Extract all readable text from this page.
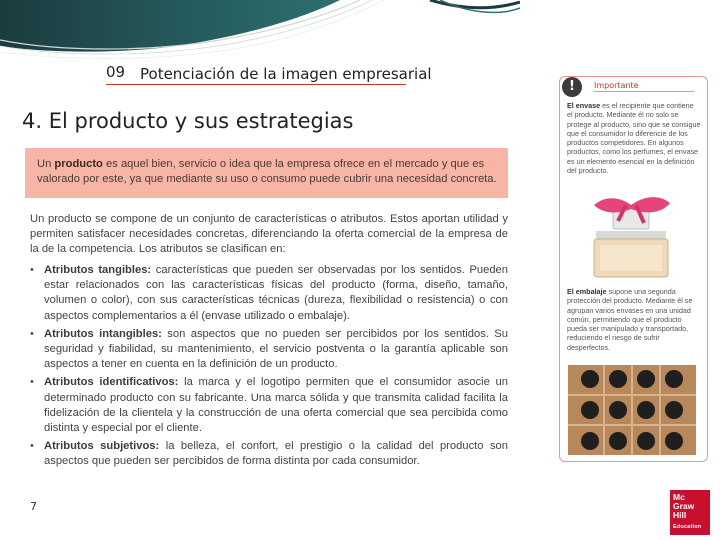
09 Potenciación de la imagen empresarial
4. El producto y sus estrategias

Un producto es aquel bien, servicio o idea que la empresa ofrece en el mercado y que es valorado por este, ya que mediante su uso o consumo puede cubrir una necesidad concreta.

Un producto se compone de un conjunto de características o atributos. Estos aportan utilidad y permiten satisfacer necesidades concretas, diferenciando la oferta comercial de la empresa de la de la competencia. Los atributos se clasifican en:

• Atributos tangibles: características que pueden ser observadas por los sentidos. Pueden estar relacionados con las características físicas del producto (forma, diseño, tamaño, volumen o color), con sus características técnicas (dureza, flexibilidad o resistencia) o con aspectos complementarios a él (envase utilizado o embalaje).
• Atributos intangibles: son aspectos que no pueden ser percibidos por los sentidos. Su seguridad y fiabilidad, su mantenimiento, el servicio postventa o la garantía aplicable son aspectos a tener en cuenta en la definición de un producto.
• Atributos identificativos: la marca y el logotipo permiten que el consumidor asocie un determinado producto con su fabricante. Una marca sólida y que transmita calidad facilita la fidelización de la clientela y la construcción de una oferta comercial que sea percibida como distinta y especial por el cliente.
• Atributos subjetivos: la belleza, el confort, el prestigio o la calidad del producto son aspectos que pueden ser percibidos de forma distinta por cada consumidor.
7
!	Importante
El envase es el recipiente que contiene el producto. Mediante él no solo se protege al producto, sino que se consigue que el consumidor lo diferencie de los productos competidores. En algunos productos, como los perfumes, el envase es un elemento esencial en la definición del producto.
El embalaje supone una segunda protección del producto. Mediante él se agrupan varios envases en una unidad común, permitiendo que el producto pueda ser manipulado y transportado, reduciendo el riesgo de sufrir desperfectos.
Mc
Graw
Hill
Education
